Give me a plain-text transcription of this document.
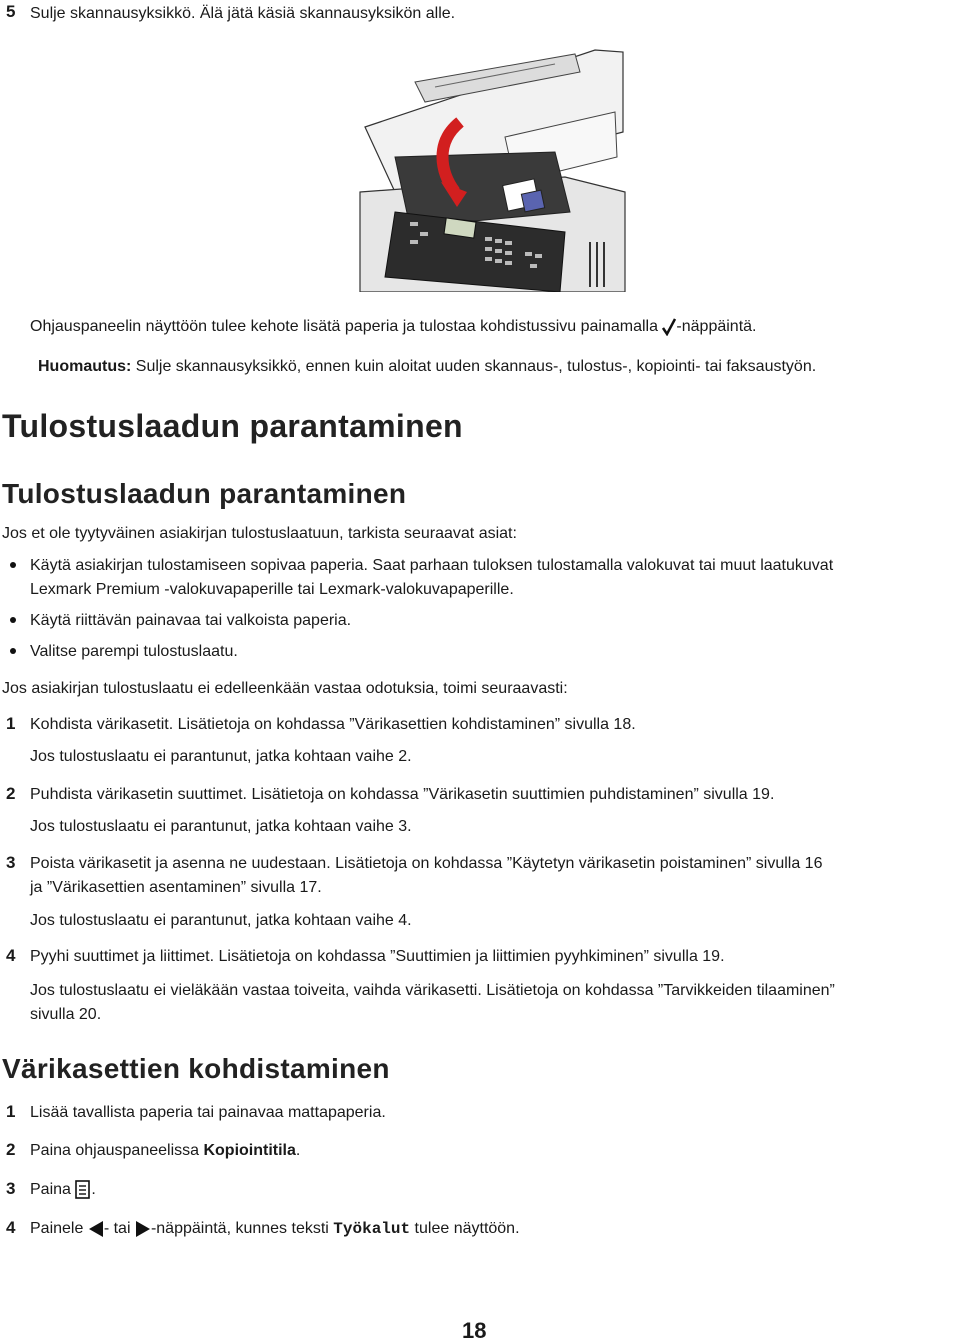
5 Sulje skannausyksikkö. Älä jätä käsiä skannausyksikön alle.
Ohjauspaneelin näyttöön tulee kehote lisätä paperia ja tulostaa kohdistussivu painamalla -näppäintä.
Huomautus: Sulje skannausyksikkö, ennen kuin aloitat uuden skannaus-, tulostus-, kopiointi- tai faksaustyön.
Tulostuslaadun parantaminen
Tulostuslaadun parantaminen
Jos et ole tyytyväinen asiakirjan tulostuslaatuun, tarkista seuraavat asiat:
Käytä asiakirjan tulostamiseen sopivaa paperia. Saat parhaan tuloksen tulostamalla valokuvat tai muut laatukuvat
Lexmark Premium -valokuvapaperille tai Lexmark-valokuvapaperille.
Käytä riittävän painavaa tai valkoista paperia.
Valitse parempi tulostuslaatu.
Jos asiakirjan tulostuslaatu ei edelleenkään vastaa odotuksia, toimi seuraavasti:
1 Kohdista värikasetit. Lisätietoja on kohdassa ”Värikasettien kohdistaminen” sivulla 18.
Jos tulostuslaatu ei parantunut, jatka kohtaan vaihe 2.
2 Puhdista värikasetin suuttimet. Lisätietoja on kohdassa ”Värikasetin suuttimien puhdistaminen” sivulla 19.
Jos tulostuslaatu ei parantunut, jatka kohtaan vaihe 3.
3 Poista värikasetit ja asenna ne uudestaan. Lisätietoja on kohdassa ”Käytetyn värikasetin poistaminen” sivulla 16
ja ”Värikasettien asentaminen” sivulla 17.
Jos tulostuslaatu ei parantunut, jatka kohtaan vaihe 4.
4 Pyyhi suuttimet ja liittimet. Lisätietoja on kohdassa ”Suuttimien ja liittimien pyyhkiminen” sivulla 19.
Jos tulostuslaatu ei vieläkään vastaa toiveita, vaihda värikasetti. Lisätietoja on kohdassa ”Tarvikkeiden tilaaminen”
sivulla 20.
Värikasettien kohdistaminen
1 Lisää tavallista paperia tai painavaa mattapaperia.
2 Paina ohjauspaneelissa Kopiointitila.
3 Paina .
4 Painele - tai -näppäintä, kunnes teksti Työkalut tulee näyttöön.
18
